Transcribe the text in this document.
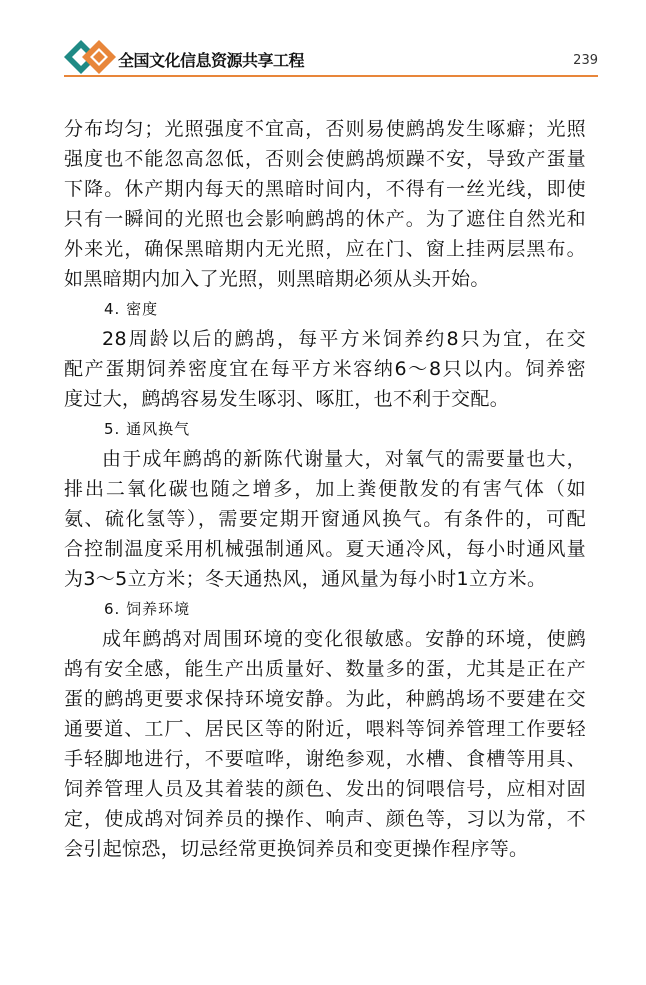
全国文化信息资源共享工程	239
分布均匀；光照强度不宜高，否则易使鹧鸪发生啄癖；光照
强度也不能忽高忽低，否则会使鹧鸪烦躁不安，导致产蛋量
下降。休产期内每天的黑暗时间内，不得有一丝光线，即使
只有一瞬间的光照也会影响鹧鸪的休产。为了遮住自然光和
外来光，确保黑暗期内无光照，应在门、窗上挂两层黑布。
如黑暗期内加入了光照，则黑暗期必须从头开始。
4. 密度
28周龄以后的鹧鸪，每平方米饲养约8只为宜，在交
配产蛋期饲养密度宜在每平方米容纳6～8只以内。饲养密
度过大，鹧鸪容易发生啄羽、啄肛，也不利于交配。
5. 通风换气
由于成年鹧鸪的新陈代谢量大，对氧气的需要量也大，
排出二氧化碳也随之增多，加上粪便散发的有害气体（如
氨、硫化氢等），需要定期开窗通风换气。有条件的，可配
合控制温度采用机械强制通风。夏天通冷风，每小时通风量
为3～5立方米；冬天通热风，通风量为每小时1立方米。
6. 饲养环境
成年鹧鸪对周围环境的变化很敏感。安静的环境，使鹧
鸪有安全感，能生产出质量好、数量多的蛋，尤其是正在产
蛋的鹧鸪更要求保持环境安静。为此，种鹧鸪场不要建在交
通要道、工厂、居民区等的附近，喂料等饲养管理工作要轻
手轻脚地进行，不要喧哗，谢绝参观，水槽、食槽等用具、
饲养管理人员及其着装的颜色、发出的饲喂信号，应相对固
定，使成鸪对饲养员的操作、响声、颜色等，习以为常，不
会引起惊恐，切忌经常更换饲养员和变更操作程序等。
